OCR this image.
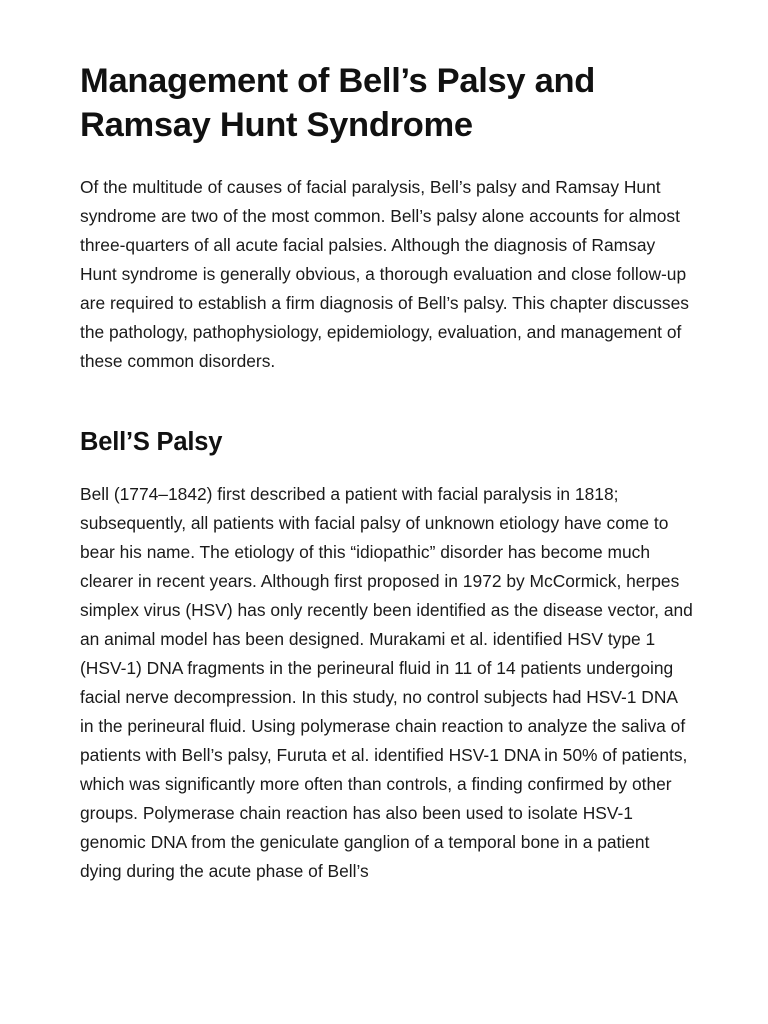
Management of Bell’s Palsy and Ramsay Hunt Syndrome

Of the multitude of causes of facial paralysis, Bell’s palsy and Ramsay Hunt syndrome are two of the most common. Bell’s palsy alone accounts for almost three-quarters of all acute facial palsies. Although the diagnosis of Ramsay Hunt syndrome is generally obvious, a thorough evaluation and close follow-up are required to establish a firm diagnosis of Bell’s palsy. This chapter discusses the pathology, pathophysiology, epidemiology, evaluation, and management of these common disorders.

Bell’S Palsy

Bell (1774–1842) first described a patient with facial paralysis in 1818; subsequently, all patients with facial palsy of unknown etiology have come to bear his name. The etiology of this “idiopathic” disorder has become much clearer in recent years. Although first proposed in 1972 by McCormick, herpes simplex virus (HSV) has only recently been identified as the disease vector, and an animal model has been designed. Murakami et al. identified HSV type 1 (HSV-1) DNA fragments in the perineural fluid in 11 of 14 patients undergoing facial nerve decompression. In this study, no control subjects had HSV-1 DNA in the perineural fluid. Using polymerase chain reaction to analyze the saliva of patients with Bell’s palsy, Furuta et al. identified HSV-1 DNA in 50% of patients, which was significantly more often than controls, a finding confirmed by other groups. Polymerase chain reaction has also been used to isolate HSV-1 genomic DNA from the geniculate ganglion of a temporal bone in a patient dying during the acute phase of Bell’s
